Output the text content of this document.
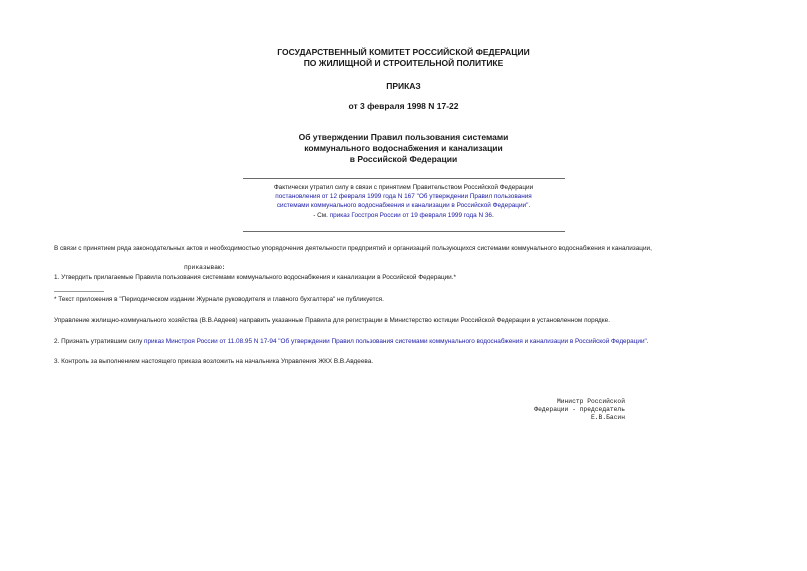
ГОСУДАРСТВЕННЫЙ КОМИТЕТ РОССИЙСКОЙ ФЕДЕРАЦИИ
ПО ЖИЛИЩНОЙ И СТРОИТЕЛЬНОЙ ПОЛИТИКЕ
ПРИКАЗ
от 3 февраля 1998 N 17-22
Об утверждении Правил пользования системами
коммунального водоснабжения и канализации
в Российской Федерации
Фактически утратил силу в связи с принятием Правительством Российской Федерации
постановления от 12 февраля 1999 года N 167 "Об утверждении Правил пользования
системами коммунального водоснабжения и канализации в Российской Федерации".
- См. приказ Госстроя России от 19 февраля 1999 года N 36.
В связи с принятием ряда законодательных актов и необходимостью упорядочения деятельности предприятий и организаций пользующихся системами коммунального водоснабжения и канализации,
приказываю:
1. Утвердить прилагаемые Правила пользования системами коммунального водоснабжения и канализации в Российской Федерации.*
* Текст приложения в "Периодическом издании Журнале руководителя и главного бухгалтера" не публикуется.
Управление жилищно-коммунального хозяйства (В.В.Авдеев) направить указанные Правила для регистрации в Министерство юстиции Российской Федерации в установленном порядке.
2. Признать утратившим силу приказ Минстроя России от 11.08.95 N 17-94 "Об утверждении Правил пользования системами коммунального водоснабжения и канализации в Российской Федерации".
3. Контроль за выполнением настоящего приказа возложить на начальника Управления ЖКХ В.В.Авдеева.
Министр Российской
Федерации - председатель
Е.В.Басин
